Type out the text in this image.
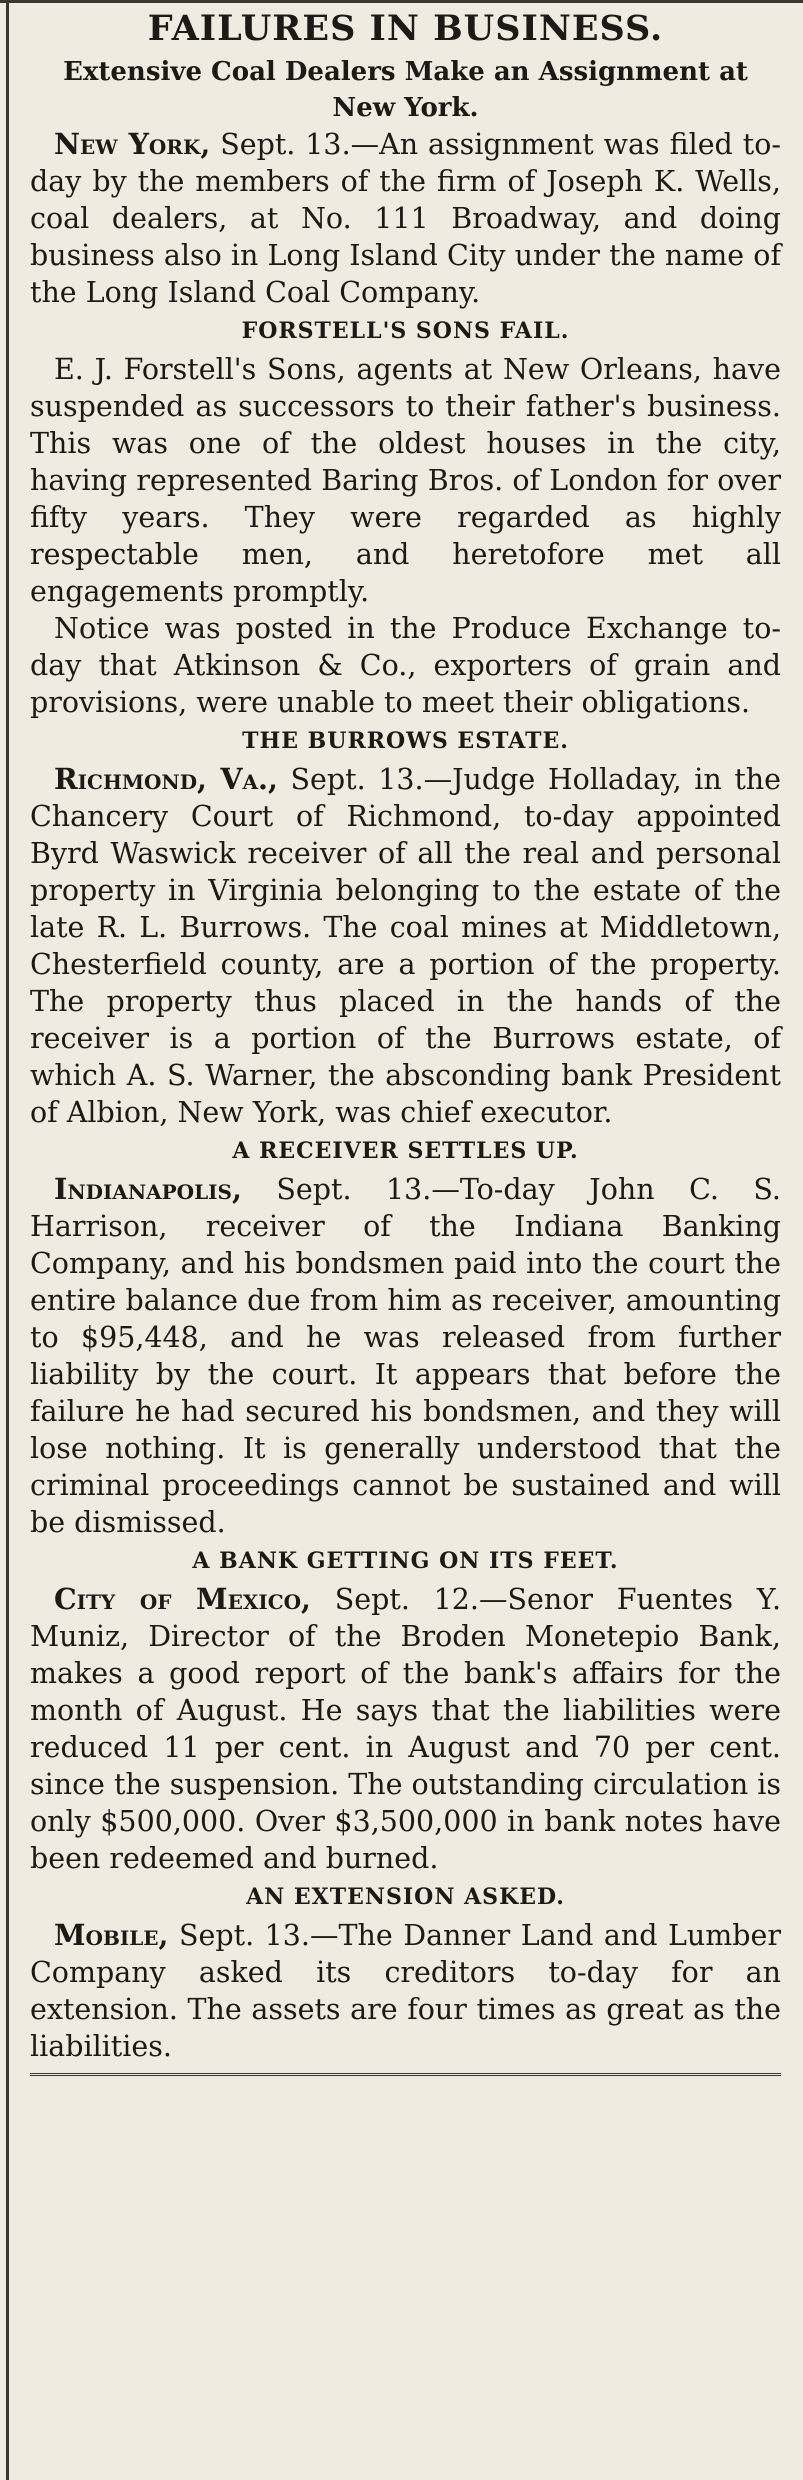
FAILURES IN BUSINESS.

Extensive Coal Dealers Make an Assignment at New York.

New York, Sept. 13.—An assignment was filed to-day by the members of the firm of Joseph K. Wells, coal dealers, at No. 111 Broadway, and doing business also in Long Island City under the name of the Long Island Coal Company.

FORSTELL'S SONS FAIL.

E. J. Forstell's Sons, agents at New Orleans, have suspended as successors to their father's business. This was one of the oldest houses in the city, having represented Baring Bros. of London for over fifty years. They were regarded as highly respectable men, and heretofore met all engagements promptly.

Notice was posted in the Produce Exchange to-day that Atkinson & Co., exporters of grain and provisions, were unable to meet their obligations.

THE BURROWS ESTATE.

Richmond, Va., Sept. 13.—Judge Holladay, in the Chancery Court of Richmond, to-day appointed Byrd Waswick receiver of all the real and personal property in Virginia belonging to the estate of the late R. L. Burrows. The coal mines at Middletown, Chesterfield county, are a portion of the property. The property thus placed in the hands of the receiver is a portion of the Burrows estate, of which A. S. Warner, the absconding bank President of Albion, New York, was chief executor.

A RECEIVER SETTLES UP.

Indianapolis, Sept. 13.—To-day John C. S. Harrison, receiver of the Indiana Banking Company, and his bondsmen paid into the court the entire balance due from him as receiver, amounting to $95,448, and he was released from further liability by the court. It appears that before the failure he had secured his bondsmen, and they will lose nothing. It is generally understood that the criminal proceedings cannot be sustained and will be dismissed.

A BANK GETTING ON ITS FEET.

City of Mexico, Sept. 12.—Senor Fuentes Y. Muniz, Director of the Broden Monetepio Bank, makes a good report of the bank's affairs for the month of August. He says that the liabilities were reduced 11 per cent. in August and 70 per cent. since the suspension. The outstanding circulation is only $500,000. Over $3,500,000 in bank notes have been redeemed and burned.

AN EXTENSION ASKED.

Mobile, Sept. 13.—The Danner Land and Lumber Company asked its creditors to-day for an extension. The assets are four times as great as the liabilities.
